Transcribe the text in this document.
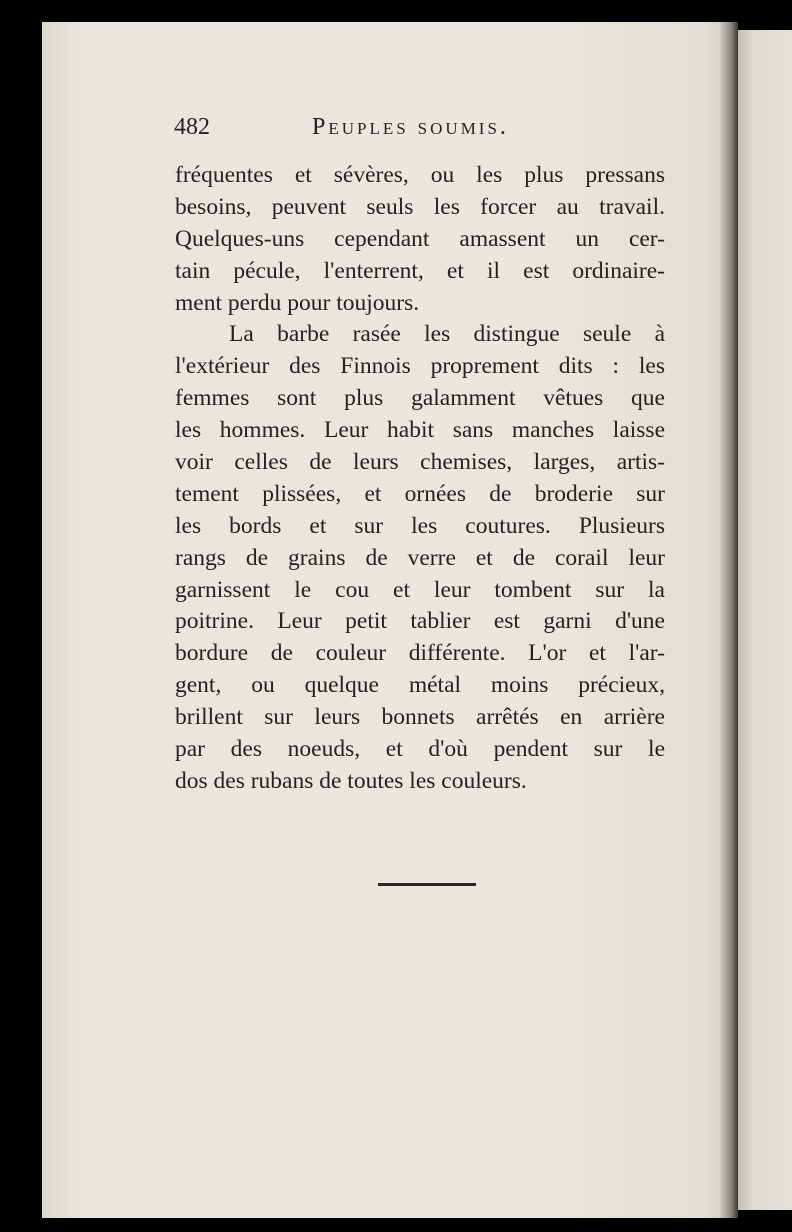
482	Peuples soumis.
fréquentes et sévères, ou les plus pressans
besoins, peuvent seuls les forcer au travail.
Quelques-uns cependant amassent un cer-
tain pécule, l'enterrent, et il est ordinaire-
ment perdu pour toujours.
La barbe rasée les distingue seule à
l'extérieur des Finnois proprement dits : les
femmes sont plus galamment vêtues que
les hommes. Leur habit sans manches laisse
voir celles de leurs chemises, larges, artis-
tement plissées, et ornées de broderie sur
les bords et sur les coutures. Plusieurs
rangs de grains de verre et de corail leur
garnissent le cou et leur tombent sur la
poitrine. Leur petit tablier est garni d'une
bordure de couleur différente. L'or et l'ar-
gent, ou quelque métal moins précieux,
brillent sur leurs bonnets arrêtés en arrière
par des noeuds, et d'où pendent sur le
dos des rubans de toutes les couleurs.
